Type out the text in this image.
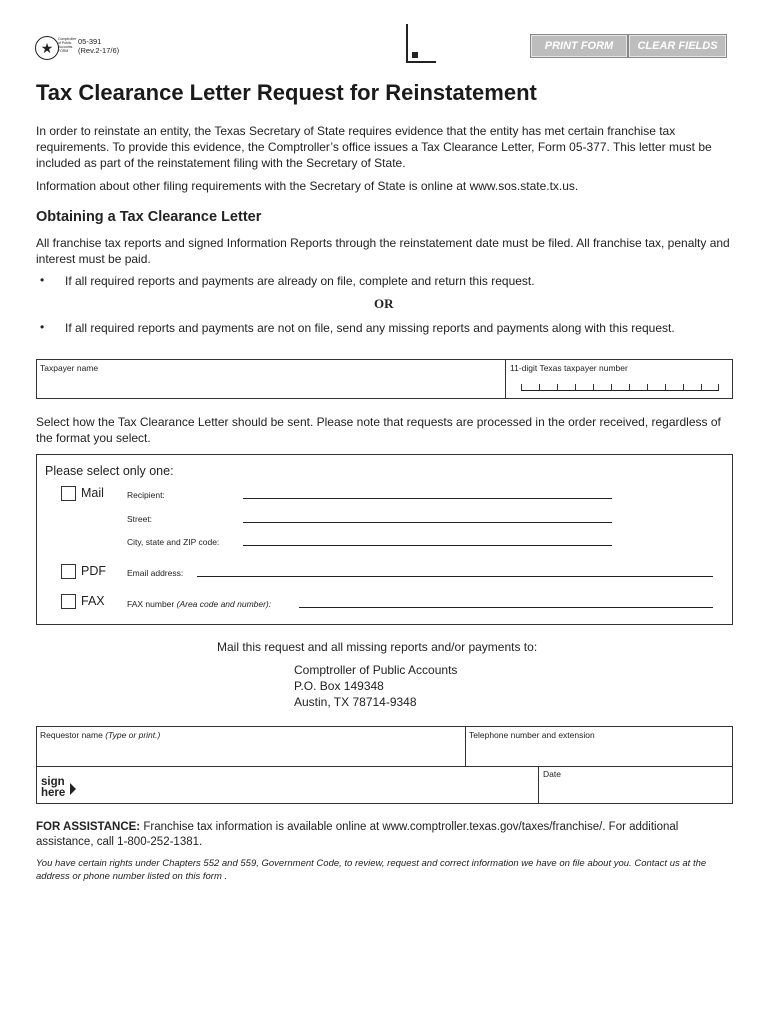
★
Comptroller of Public Accounts FORM
05-391
(Rev.2-17/6)	PRINT FORM	CLEAR FIELDS
Tax Clearance Letter Request for Reinstatement
In order to reinstate an entity, the Texas Secretary of State requires evidence that the entity has met certain franchise tax requirements. To provide this evidence, the Comptroller’s office issues a Tax Clearance Letter, Form 05-377. This letter must be included as part of the reinstatement filing with the Secretary of State.
Information about other filing requirements with the Secretary of State is online at www.sos.state.tx.us.
Obtaining a Tax Clearance Letter
All franchise tax reports and signed Information Reports through the reinstatement date must be filed. All franchise tax, penalty and interest must be paid.
• If all required reports and payments are already on file, complete and return this request.
OR
• If all required reports and payments are not on file, send any missing reports and payments along with this request.
Taxpayer name	11-digit Texas taxpayer number
Select how the Tax Clearance Letter should be sent. Please note that requests are processed in the order received, regardless of the format you select.
Please select only one:
Mail	Recipient:
Street:
City, state and ZIP code:
PDF Email address:
FAX	FAX number (Area code and number):
Mail this request and all missing reports and/or payments to:
Comptroller of Public Accounts
P.O. Box 149348
Austin, TX 78714-9348
Requestor name (Type or print.)	Telephone number and extension
sign
here
Date
FOR ASSISTANCE: Franchise tax information is available online at www.comptroller.texas.gov/taxes/franchise/. For additional assistance, call 1-800-252-1381.
You have certain rights under Chapters 552 and 559, Government Code, to review, request and correct information we have on file about you. Contact us at the address or phone number listed on this form .
